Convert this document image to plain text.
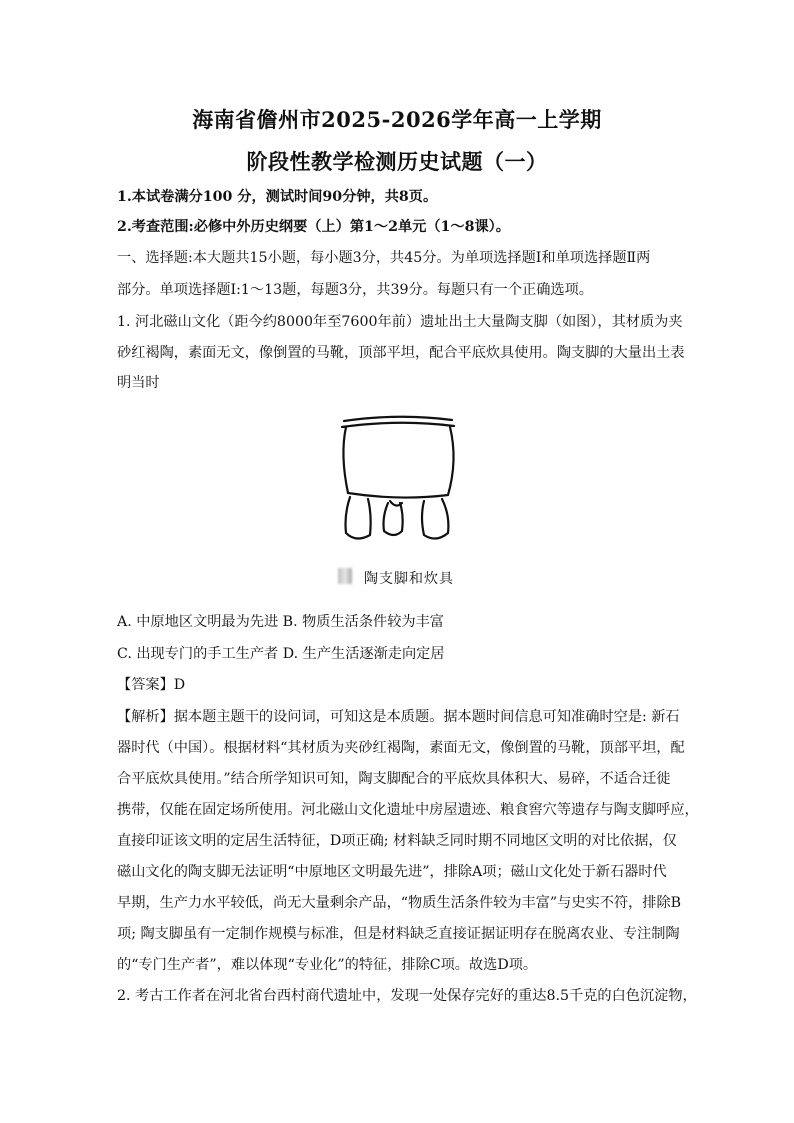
海南省儋州市2025-2026学年高一上学期
阶段性教学检测历史试题（一）
1.本试卷满分100 分，测试时间90分钟，共8页。
2.考查范围:必修中外历史纲要（上）第1～2单元（1～8课）。
一、选择题:本大题共15小题，每小题3分，共45分。为单项选择题Ⅰ和单项选择题Ⅱ两
部分。单项选择题Ⅰ:1～13题，每题3分，共39分。每题只有一个正确选项。
1. 河北磁山文化（距今约8000年至7600年前）遗址出土大量陶支脚（如图），其材质为夹
砂红褐陶，素面无文，像倒置的马靴，顶部平坦，配合平底炊具使用。陶支脚的大量出土表
明当时
陶支脚和炊具
A. 中原地区文明最为先进 B. 物质生活条件较为丰富
C. 出现专门的手工生产者 D. 生产生活逐渐走向定居
【答案】D
【解析】据本题主题干的设问词，可知这是本质题。据本题时间信息可知准确时空是: 新石
器时代（中国）。根据材料“其材质为夹砂红褐陶，素面无文，像倒置的马靴，顶部平坦，配
合平底炊具使用。”结合所学知识可知，陶支脚配合的平底炊具体积大、易碎，不适合迁徙
携带，仅能在固定场所使用。河北磁山文化遗址中房屋遗迹、粮食窖穴等遗存与陶支脚呼应，
直接印证该文明的定居生活特征，D项正确; 材料缺乏同时期不同地区文明的对比依据，仅
磁山文化的陶支脚无法证明“中原地区文明最先进”，排除A项；磁山文化处于新石器时代
早期，生产力水平较低，尚无大量剩余产品，“物质生活条件较为丰富”与史实不符，排除B
项; 陶支脚虽有一定制作规模与标准，但是材料缺乏直接证据证明存在脱离农业、专注制陶
的“专门生产者”，难以体现“专业化”的特征，排除C项。故选D项。
2. 考古工作者在河北省台西村商代遗址中，发现一处保存完好的重达8.5千克的白色沉淀物，
